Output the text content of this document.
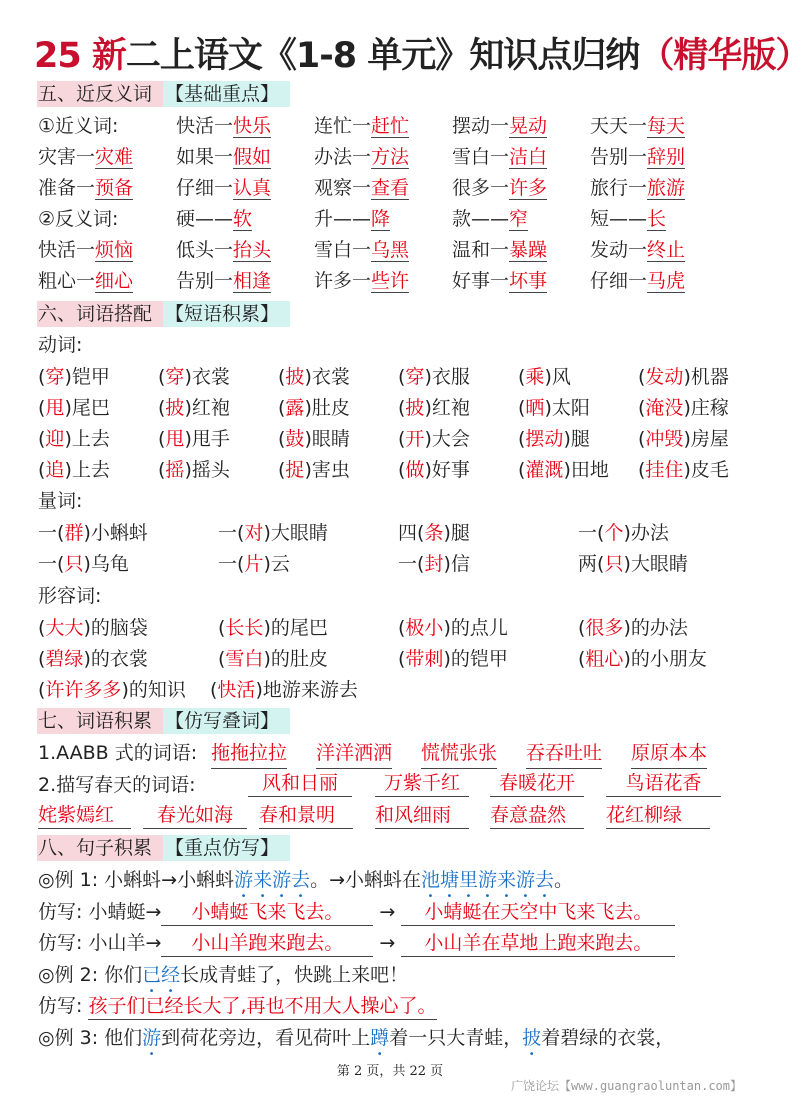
25 新二上语文《1-8 单元》知识点归纳（精华版）
五、近反义词 【基础重点】
①近义词:	快活一快乐 连忙一赶忙 摆动一晃动 天天一每天
灾害一灾难 如果一假如 办法一方法 雪白一洁白 告别一辞别
准备一预备 仔细一认真 观察一查看 很多一许多 旅行一旅游
②反义词:	硬——软	升——降	款——窄	短——长
快活一烦恼 低头一抬头 雪白一乌黑 温和一暴躁 发动一终止
粗心一细心 告别一相逢 许多一些许 好事一坏事 仔细一马虎
六、词语搭配 【短语积累】
动词:
(穿)铠甲	(穿)衣裳	(披)衣裳	(穿)衣服	(乘)风	(发动)机器
(甩)尾巴	(披)红袍	(露)肚皮	(披)红袍	(晒)太阳	(淹没)庄稼
(迎)上去	(甩)甩手	(鼓)眼睛	(开)大会	(摆动)腿	(冲毁)房屋
(追)上去	(摇)摇头	(捉)害虫	(做)好事	(灌溉)田地 (挂住)皮毛
量词:
一(群)小蝌蚪	一(对)大眼睛	四(条)腿	一(个)办法
一(只)乌龟	一(片)云	一(封)信	两(只)大眼睛
形容词:
(大大)的脑袋	(长长)的尾巴	(极小)的点儿	(很多)的办法
(碧绿)的衣裳	(雪白)的肚皮	(带刺)的铠甲	(粗心)的小朋友
(许许多多)的知识 (快活)地游来游去
七、词语积累 【仿写叠词】
1.AABB 式的词语: 拖拖拉拉 洋洋洒洒 慌慌张张 吞吞吐吐 原原本本
2.描写春天的词语:	风和日丽	万紫千红	春暖花开	鸟语花香
姹紫嫣红	春光如海	春和景明	和风细雨	春意盎然	花红柳绿
八、句子积累 【重点仿写】
◎例 1: 小蝌蚪→小蝌蚪游来游去。→小蝌蚪在池塘里游来游去。
仿写: 小蜻蜓→ 小蜻蜓飞来飞去。 → 小蜻蜓在天空中飞来飞去。
仿写: 小山羊→ 小山羊跑来跑去。 → 小山羊在草地上跑来跑去。
◎例 2: 你们已经长成青蛙了，快跳上来吧！
仿写: 孩子们已经长大了,再也不用大人操心了。
◎例 3: 他们游到荷花旁边，看见荷叶上蹲着一只大青蛙，披着碧绿的衣裳，
第 2 页，共 22 页
广饶论坛【www.guangraoluntan.com】
